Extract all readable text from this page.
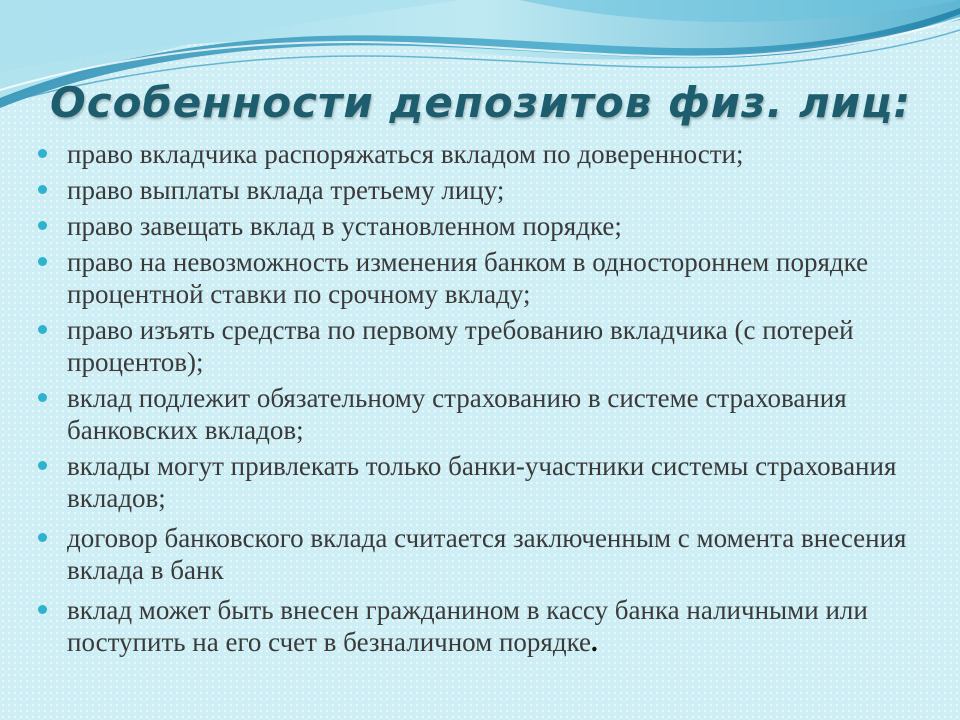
Особенности депозитов физ. лиц:
право вкладчика распоряжаться вкладом по доверенности;
право выплаты вклада третьему лицу;
право завещать вклад в установленном порядке;
право на невозможность изменения банком в одностороннем порядке процентной ставки по срочному вкладу;
право изъять средства по первому требованию вкладчика (с потерей процентов);
вклад подлежит обязательному страхованию в системе страхования банковских вкладов;
вклады могут привлекать только банки-участники системы страхования вкладов;
договор банковского вклада считается заключенным с момента внесения вклада в банк
вклад может быть внесен гражданином в кассу банка наличными или поступить на его счет в безналичном порядке.
